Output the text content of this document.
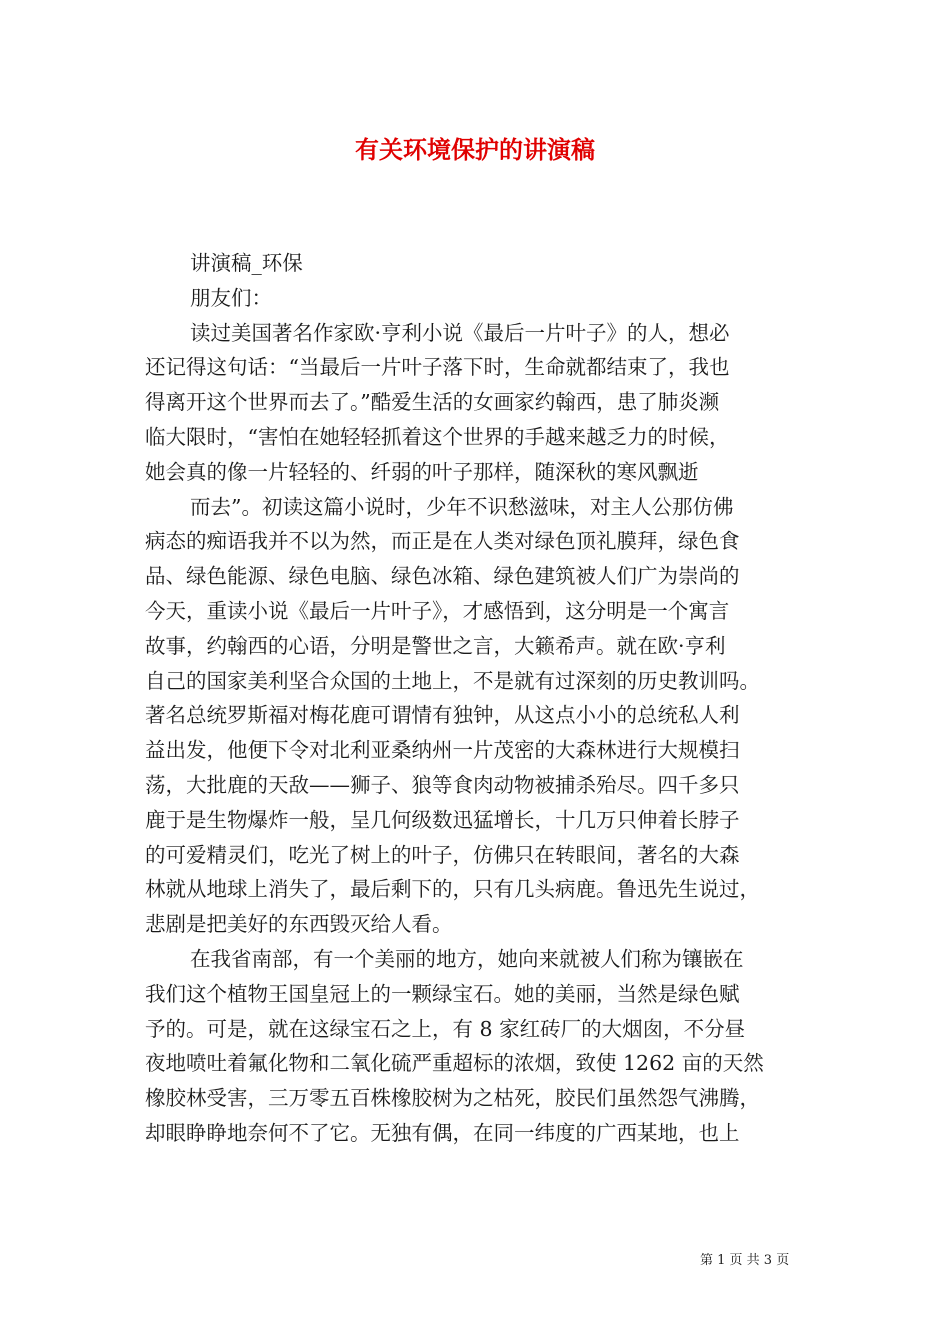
有关环境保护的讲演稿
讲演稿_环保
朋友们：
读过美国著名作家欧·亨利小说《最后一片叶子》的人，想必
还记得这句话：“当最后一片叶子落下时，生命就都结束了，我也
得离开这个世界而去了。”酷爱生活的女画家约翰西，患了肺炎濒
临大限时，“害怕在她轻轻抓着这个世界的手越来越乏力的时候，
她会真的像一片轻轻的、纤弱的叶子那样，随深秋的寒风飘逝
而去”。初读这篇小说时，少年不识愁滋味，对主人公那仿佛
病态的痴语我并不以为然，而正是在人类对绿色顶礼膜拜，绿色食
品、绿色能源、绿色电脑、绿色冰箱、绿色建筑被人们广为崇尚的
今天，重读小说《最后一片叶子》，才感悟到，这分明是一个寓言
故事，约翰西的心语，分明是警世之言，大籁希声。就在欧·亨利
自己的国家美利坚合众国的土地上，不是就有过深刻的历史教训吗。
著名总统罗斯福对梅花鹿可谓情有独钟，从这点小小的总统私人利
益出发，他便下令对北利亚桑纳州一片茂密的大森林进行大规模扫
荡，大批鹿的天敌——狮子、狼等食肉动物被捕杀殆尽。四千多只
鹿于是生物爆炸一般，呈几何级数迅猛增长，十几万只伸着长脖子
的可爱精灵们，吃光了树上的叶子，仿佛只在转眼间，著名的大森
林就从地球上消失了，最后剩下的，只有几头病鹿。鲁迅先生说过，
悲剧是把美好的东西毁灭给人看。
在我省南部，有一个美丽的地方，她向来就被人们称为镶嵌在
我们这个植物王国皇冠上的一颗绿宝石。她的美丽，当然是绿色赋
予的。可是，就在这绿宝石之上，有 8 家红砖厂的大烟囱，不分昼
夜地喷吐着氟化物和二氧化硫严重超标的浓烟，致使 1262 亩的天然
橡胶林受害，三万零五百株橡胶树为之枯死，胶民们虽然怨气沸腾，
却眼睁睁地奈何不了它。无独有偶，在同一纬度的广西某地，也上
第 1 页 共 3 页
